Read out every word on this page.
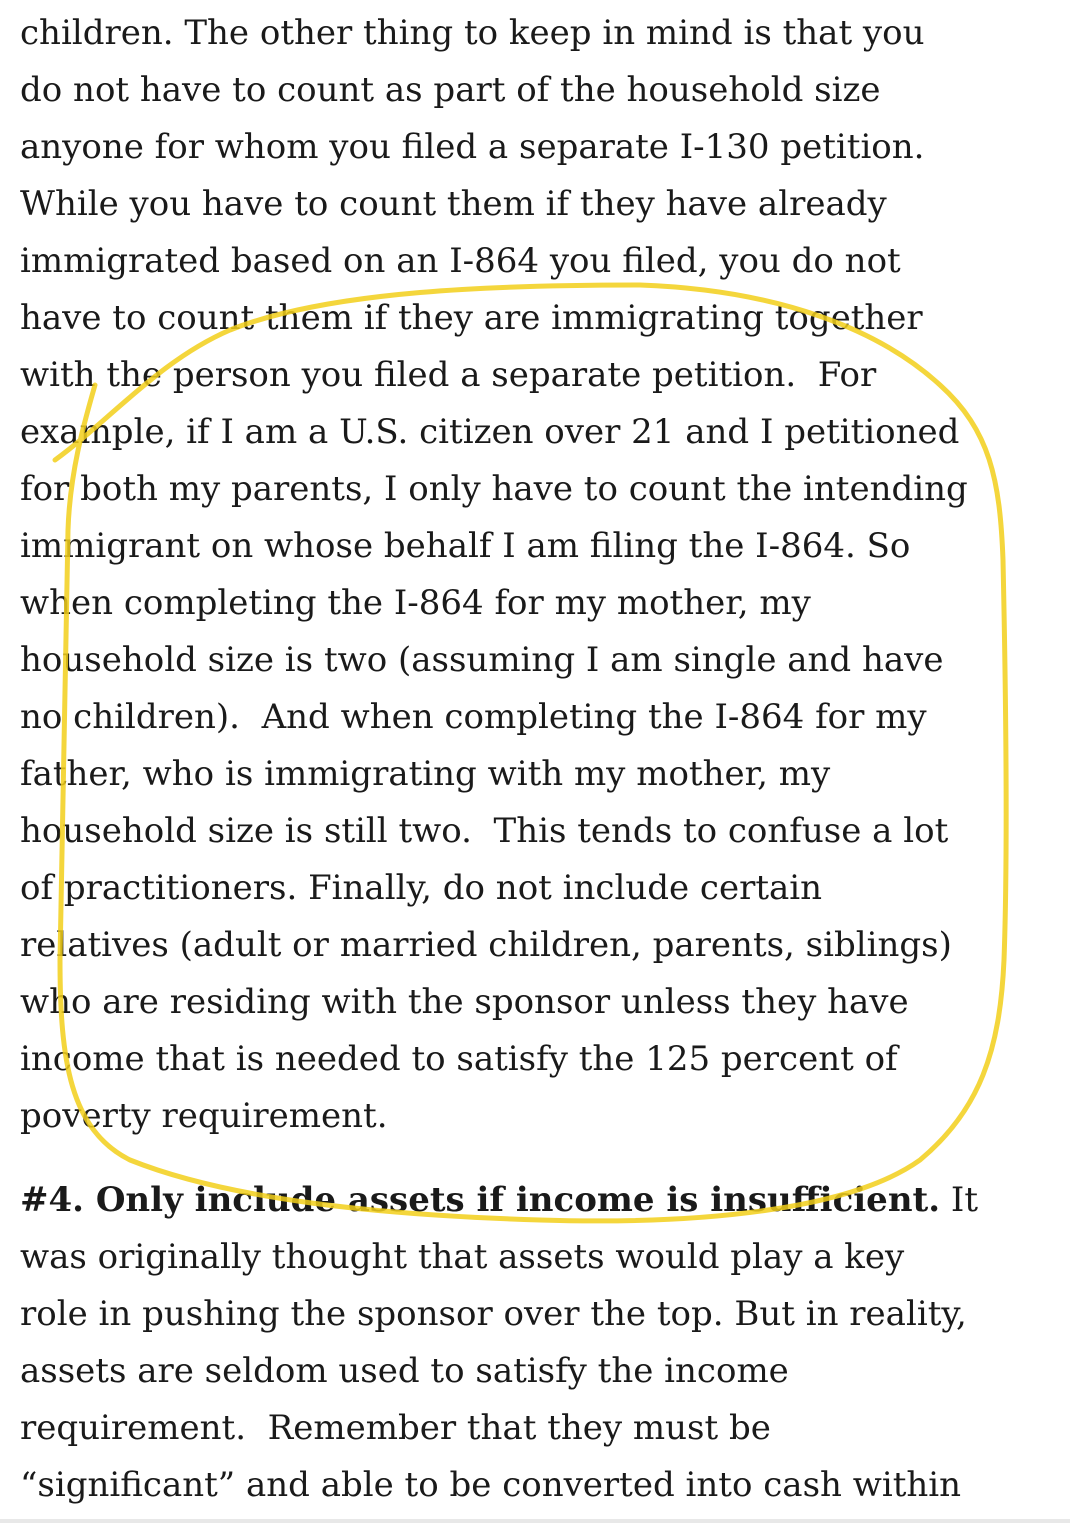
children. The other thing to keep in mind is that you
do not have to count as part of the household size
anyone for whom you filed a separate I-130 petition.
While you have to count them if they have already
immigrated based on an I-864 you filed, you do not
have to count them if they are immigrating together
with the person you filed a separate petition.  For
example, if I am a U.S. citizen over 21 and I petitioned
for both my parents, I only have to count the intending
immigrant on whose behalf I am filing the I-864. So
when completing the I-864 for my mother, my
household size is two (assuming I am single and have
no children).  And when completing the I-864 for my
father, who is immigrating with my mother, my
household size is still two.  This tends to confuse a lot
of practitioners. Finally, do not include certain
relatives (adult or married children, parents, siblings)
who are residing with the sponsor unless they have
income that is needed to satisfy the 125 percent of
poverty requirement.
#4. Only include assets if income is insufficient. It
was originally thought that assets would play a key
role in pushing the sponsor over the top. But in reality,
assets are seldom used to satisfy the income
requirement.  Remember that they must be
“significant” and able to be converted into cash within
